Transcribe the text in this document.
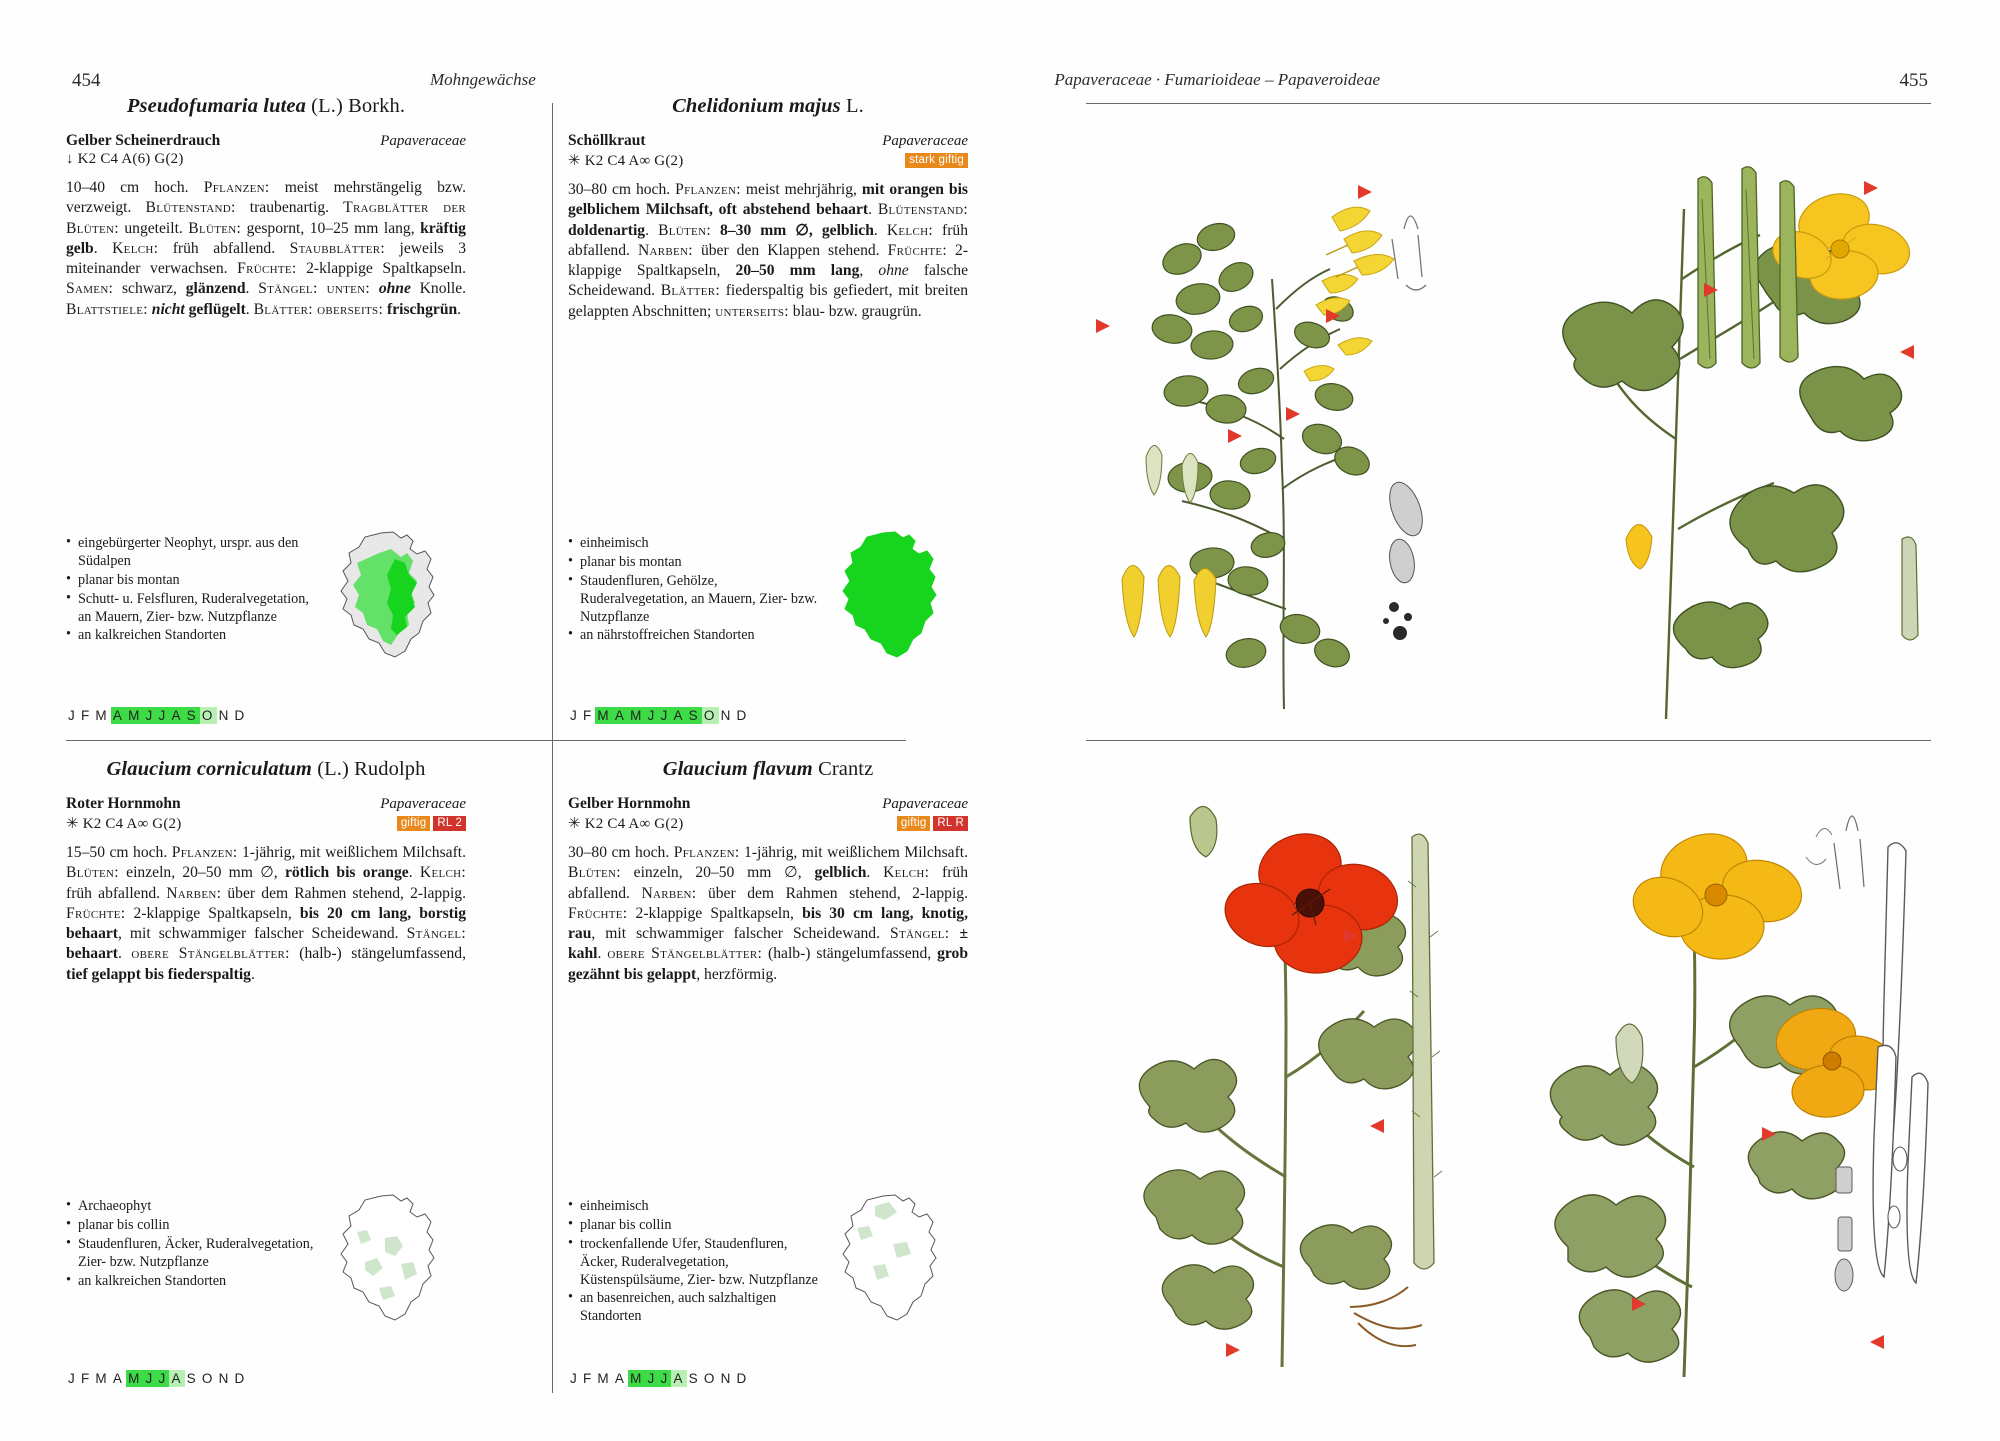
454	Mohngewächse	Papaveraceae · Fumarioideae – Papaveroideae	455
Pseudofumaria lutea (L.) Borkh.
Gelber Scheinerdrauch	Papaveraceae
↓ K2 C4 A(6) G(2)
10–40 cm hoch. Pflanzen: meist mehrstängelig bzw. verzweigt. Blütenstand: traubenartig. Tragblätter der Blüten: ungeteilt. Blüten: gespornt, 10–25 mm lang, kräftig gelb. Kelch: früh abfallend. Staubblätter: jeweils 3 miteinander verwachsen. Früchte: 2-klappige Spaltkapseln. Samen: schwarz, glänzend. Stängel: unten: ohne Knolle. Blattstiele: nicht geflügelt. Blätter: oberseits: frischgrün.
• eingebürgerter Neophyt, urspr. aus den Südalpen
• planar bis montan
• Schutt- u. Felsfluren, Ruderalvegetation, an Mauern, Zier- bzw. Nutzpflanze
• an kalkreichen Standorten
J F M A M J J A S O N D
Chelidonium majus L.
Schöllkraut	Papaveraceae
✳ K2 C4 A∞ G(2)	stark giftig
30–80 cm hoch. Pflanzen: meist mehrjährig, mit orangen bis gelblichem Milchsaft, oft abstehend behaart. Blütenstand: doldenartig. Blüten: 8–30 mm ∅, gelblich. Kelch: früh abfallend. Narben: über den Klappen stehend. Früchte: 2-klappige Spaltkapseln, 20–50 mm lang, ohne falsche Scheidewand. Blätter: fiederspaltig bis gefiedert, mit breiten gelappten Abschnitten; unterseits: blau- bzw. graugrün.
• einheimisch
• planar bis montan
• Staudenfluren, Gehölze, Ruderalvegetation, an Mauern, Zier- bzw. Nutzpflanze
• an nährstoffreichen Standorten
J F M A M J J A S O N D
Glaucium corniculatum (L.) Rudolph
Roter Hornmohn	Papaveraceae
✳ K2 C4 A∞ G(2)	giftig RL 2
15–50 cm hoch. Pflanzen: 1-jährig, mit weißlichem Milchsaft. Blüten: einzeln, 20–50 mm ∅, rötlich bis orange. Kelch: früh abfallend. Narben: über dem Rahmen stehend, 2-lappig. Früchte: 2-klappige Spaltkapseln, bis 20 cm lang, borstig behaart, mit schwammiger falscher Scheidewand. Stängel: behaart. obere Stängelblätter: (halb-) stängelumfassend, tief gelappt bis fiederspaltig.
• Archaeophyt
• planar bis collin
• Staudenfluren, Äcker, Ruderalvegetation, Zier- bzw. Nutzpflanze
• an kalkreichen Standorten
J F M A M J J A S O N D
Glaucium flavum Crantz
Gelber Hornmohn	Papaveraceae
✳ K2 C4 A∞ G(2)	giftig RL R
30–80 cm hoch. Pflanzen: 1-jährig, mit weißlichem Milchsaft. Blüten: einzeln, 20–50 mm ∅, gelblich. Kelch: früh abfallend. Narben: über dem Rahmen stehend, 2-lappig. Früchte: 2-klappige Spaltkapseln, bis 30 cm lang, knotig, rau, mit schwammiger falscher Scheidewand. Stängel: ± kahl. obere Stängelblätter: (halb-) stängelumfassend, grob gezähnt bis gelappt, herzförmig.
• einheimisch
• planar bis collin
• trockenfallende Ufer, Staudenfluren, Äcker, Ruderalvegetation, Küstenspülsäume, Zier- bzw. Nutzpflanze
• an basenreichen, auch salzhaltigen Standorten
J F M A M J J A S O N D
